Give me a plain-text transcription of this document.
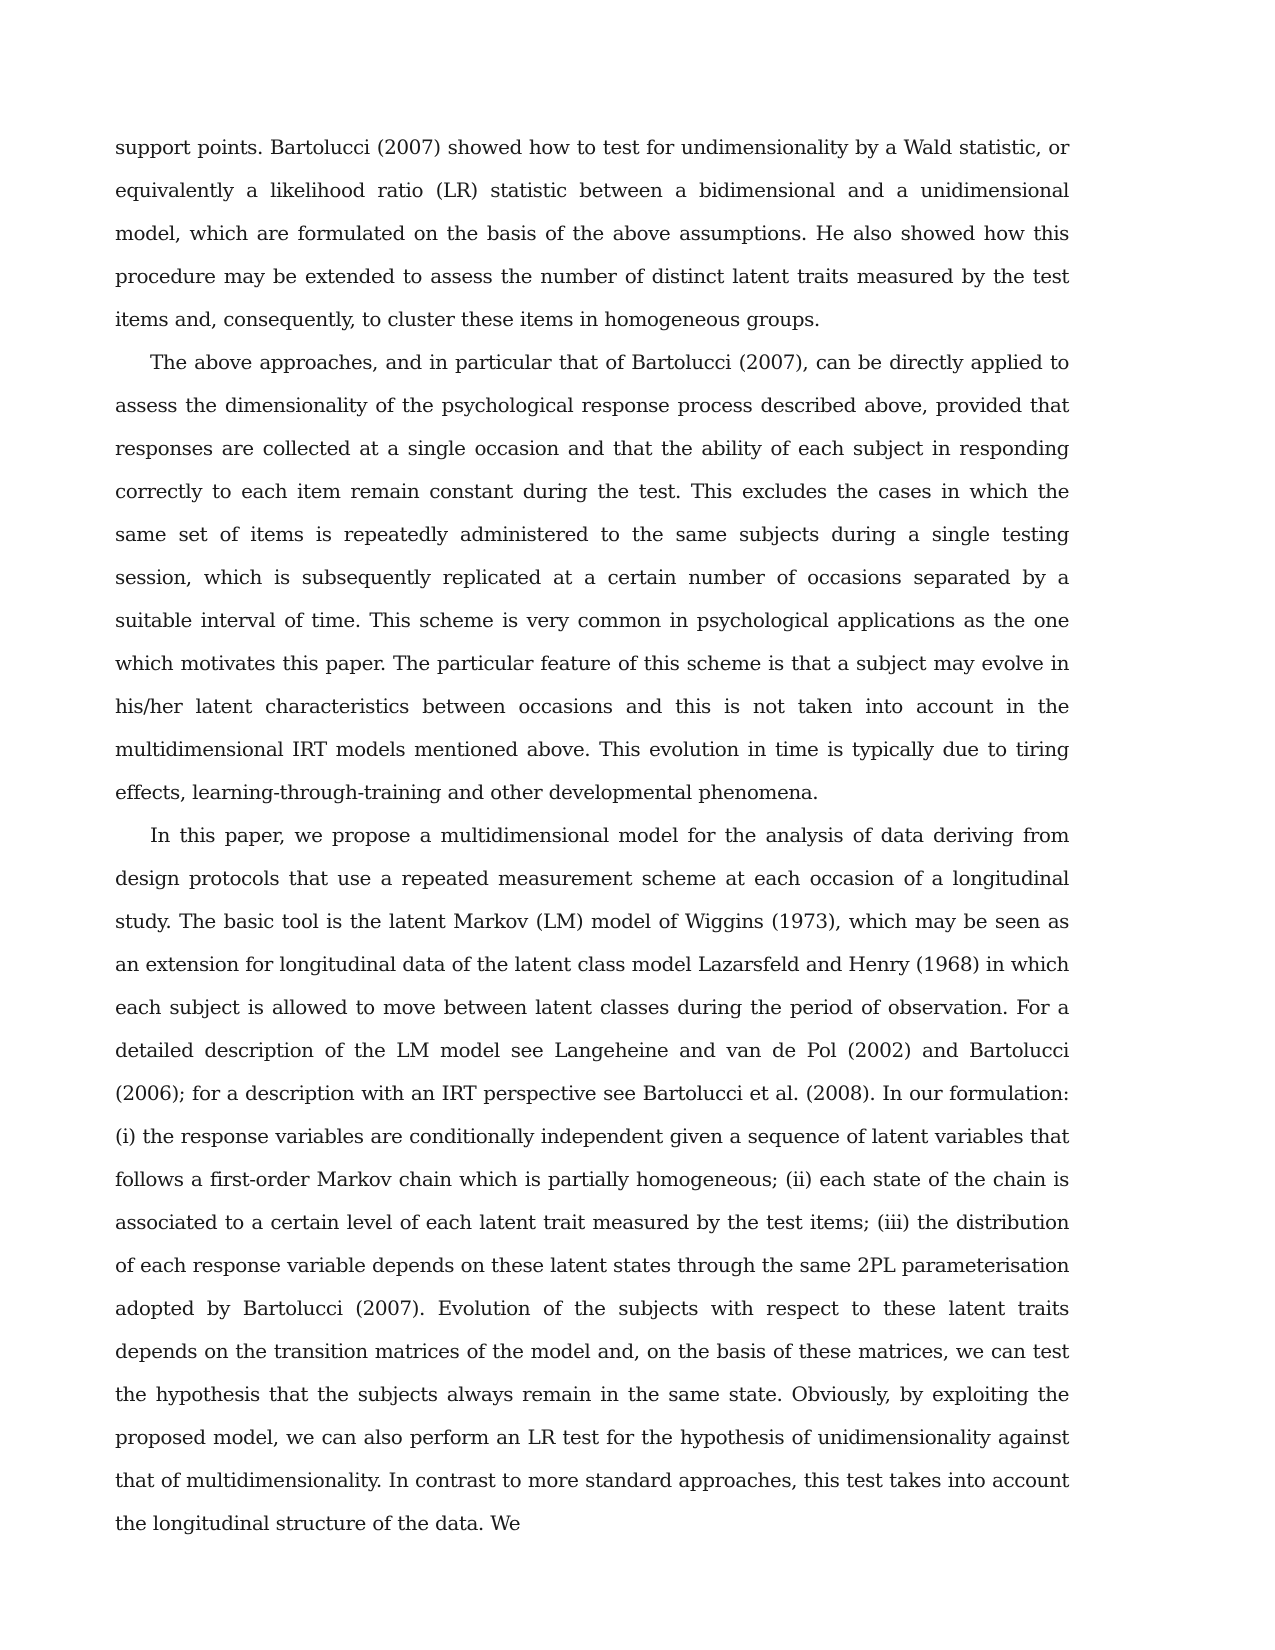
support points. Bartolucci (2007) showed how to test for undimensionality by a Wald statistic, or equivalently a likelihood ratio (LR) statistic between a bidimensional and a unidimensional model, which are formulated on the basis of the above assumptions. He also showed how this procedure may be extended to assess the number of distinct latent traits measured by the test items and, consequently, to cluster these items in homogeneous groups.

The above approaches, and in particular that of Bartolucci (2007), can be directly applied to assess the dimensionality of the psychological response process described above, provided that responses are collected at a single occasion and that the ability of each subject in responding correctly to each item remain constant during the test. This excludes the cases in which the same set of items is repeatedly administered to the same subjects during a single testing session, which is subsequently replicated at a certain number of occasions separated by a suitable interval of time. This scheme is very common in psychological applications as the one which motivates this paper. The particular feature of this scheme is that a subject may evolve in his/her latent characteristics between occasions and this is not taken into account in the multidimensional IRT models mentioned above. This evolution in time is typically due to tiring effects, learning-through-training and other developmental phenomena.

In this paper, we propose a multidimensional model for the analysis of data deriving from design protocols that use a repeated measurement scheme at each occasion of a longitudinal study. The basic tool is the latent Markov (LM) model of Wiggins (1973), which may be seen as an extension for longitudinal data of the latent class model Lazarsfeld and Henry (1968) in which each subject is allowed to move between latent classes during the period of observation. For a detailed description of the LM model see Langeheine and van de Pol (2002) and Bartolucci (2006); for a description with an IRT perspective see Bartolucci et al. (2008). In our formulation: (i) the response variables are conditionally independent given a sequence of latent variables that follows a first-order Markov chain which is partially homogeneous; (ii) each state of the chain is associated to a certain level of each latent trait measured by the test items; (iii) the distribution of each response variable depends on these latent states through the same 2PL parameterisation adopted by Bartolucci (2007). Evolution of the subjects with respect to these latent traits depends on the transition matrices of the model and, on the basis of these matrices, we can test the hypothesis that the subjects always remain in the same state. Obviously, by exploiting the proposed model, we can also perform an LR test for the hypothesis of unidimensionality against that of multidimensionality. In contrast to more standard approaches, this test takes into account the longitudinal structure of the data. We
